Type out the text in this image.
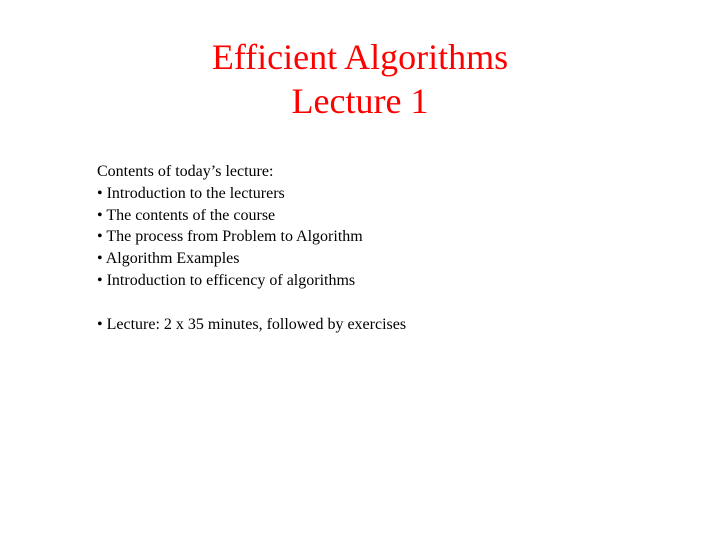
Efficient Algorithms
Lecture 1
Contents of today’s lecture:
• Introduction to the lecturers
• The contents of the course
• The process from Problem to Algorithm
• Algorithm Examples
• Introduction to efficency of algorithms
• Lecture: 2 x 35 minutes, followed by exercises
